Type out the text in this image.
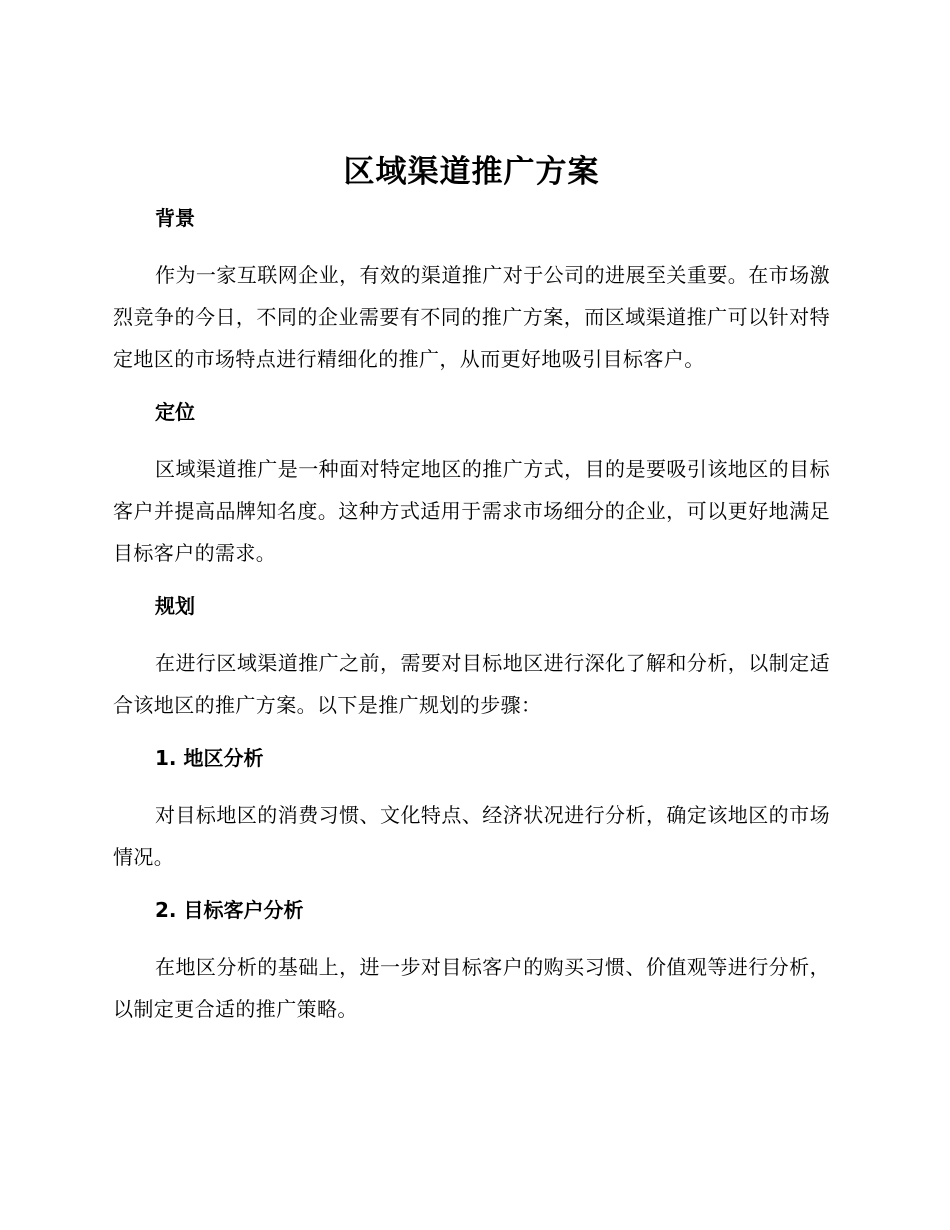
区域渠道推广方案
背景

作为一家互联网企业，有效的渠道推广对于公司的进展至关重要。在市场激烈竞争的今日，不同的企业需要有不同的推广方案，而区域渠道推广可以针对特定地区的市场特点进行精细化的推广，从而更好地吸引目标客户。

定位

区域渠道推广是一种面对特定地区的推广方式，目的是要吸引该地区的目标客户并提高品牌知名度。这种方式适用于需求市场细分的企业，可以更好地满足目标客户的需求。

规划

在进行区域渠道推广之前，需要对目标地区进行深化了解和分析，以制定适合该地区的推广方案。以下是推广规划的步骤：

1. 地区分析

对目标地区的消费习惯、文化特点、经济状况进行分析，确定该地区的市场情况。

2. 目标客户分析

在地区分析的基础上，进一步对目标客户的购买习惯、价值观等进行分析，以制定更合适的推广策略。
